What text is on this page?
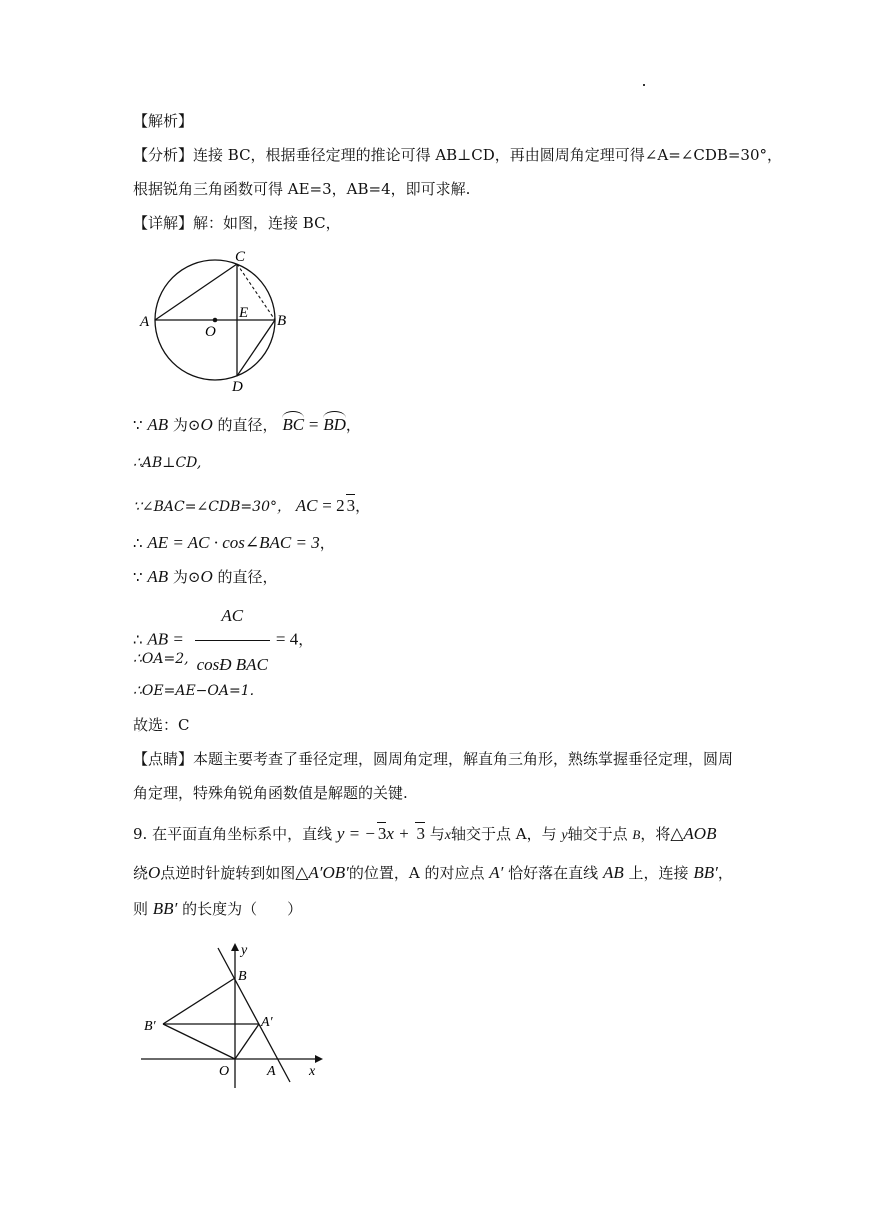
【解析】
【分析】连接 BC，根据垂径定理的推论可得 AB⊥CD，再由圆周角定理可得∠A=∠CDB=30°，
根据锐角三角函数可得 AE=3，AB=4，即可求解.
【详解】解：如图，连接 BC，
C
A
O
E B
D
∵ AB 为⊙O 的直径， BC = BD，
∴AB⊥CD,
∵∠BAC=∠CDB=30°， AC = 2 3，
∴ AE = AC · cos∠BAC = 3，
∵ AB 为⊙O 的直径，
∴ AB = $\frac{AC}{\text{cosÐ BAC}} = 4$，
∴OA=2,
∴OE=AE−OA=1.
故选：C
【点睛】本题主要考查了垂径定理，圆周角定理，解直角三角形，熟练掌握垂径定理，圆周
角定理，特殊角锐角函数值是解题的关键.
9. 在平面直角坐标系中，直线 y = − 3x + 3 与x轴交于点 A，与 y轴交于点 B，将△AOB
绕O点逆时针旋转到如图△A′OB′的位置，A 的对应点 A′ 恰好落在直线 AB 上，连接 BB′，
则 BB′ 的长度为（　　）
y
B
B′	A′
O	A x
